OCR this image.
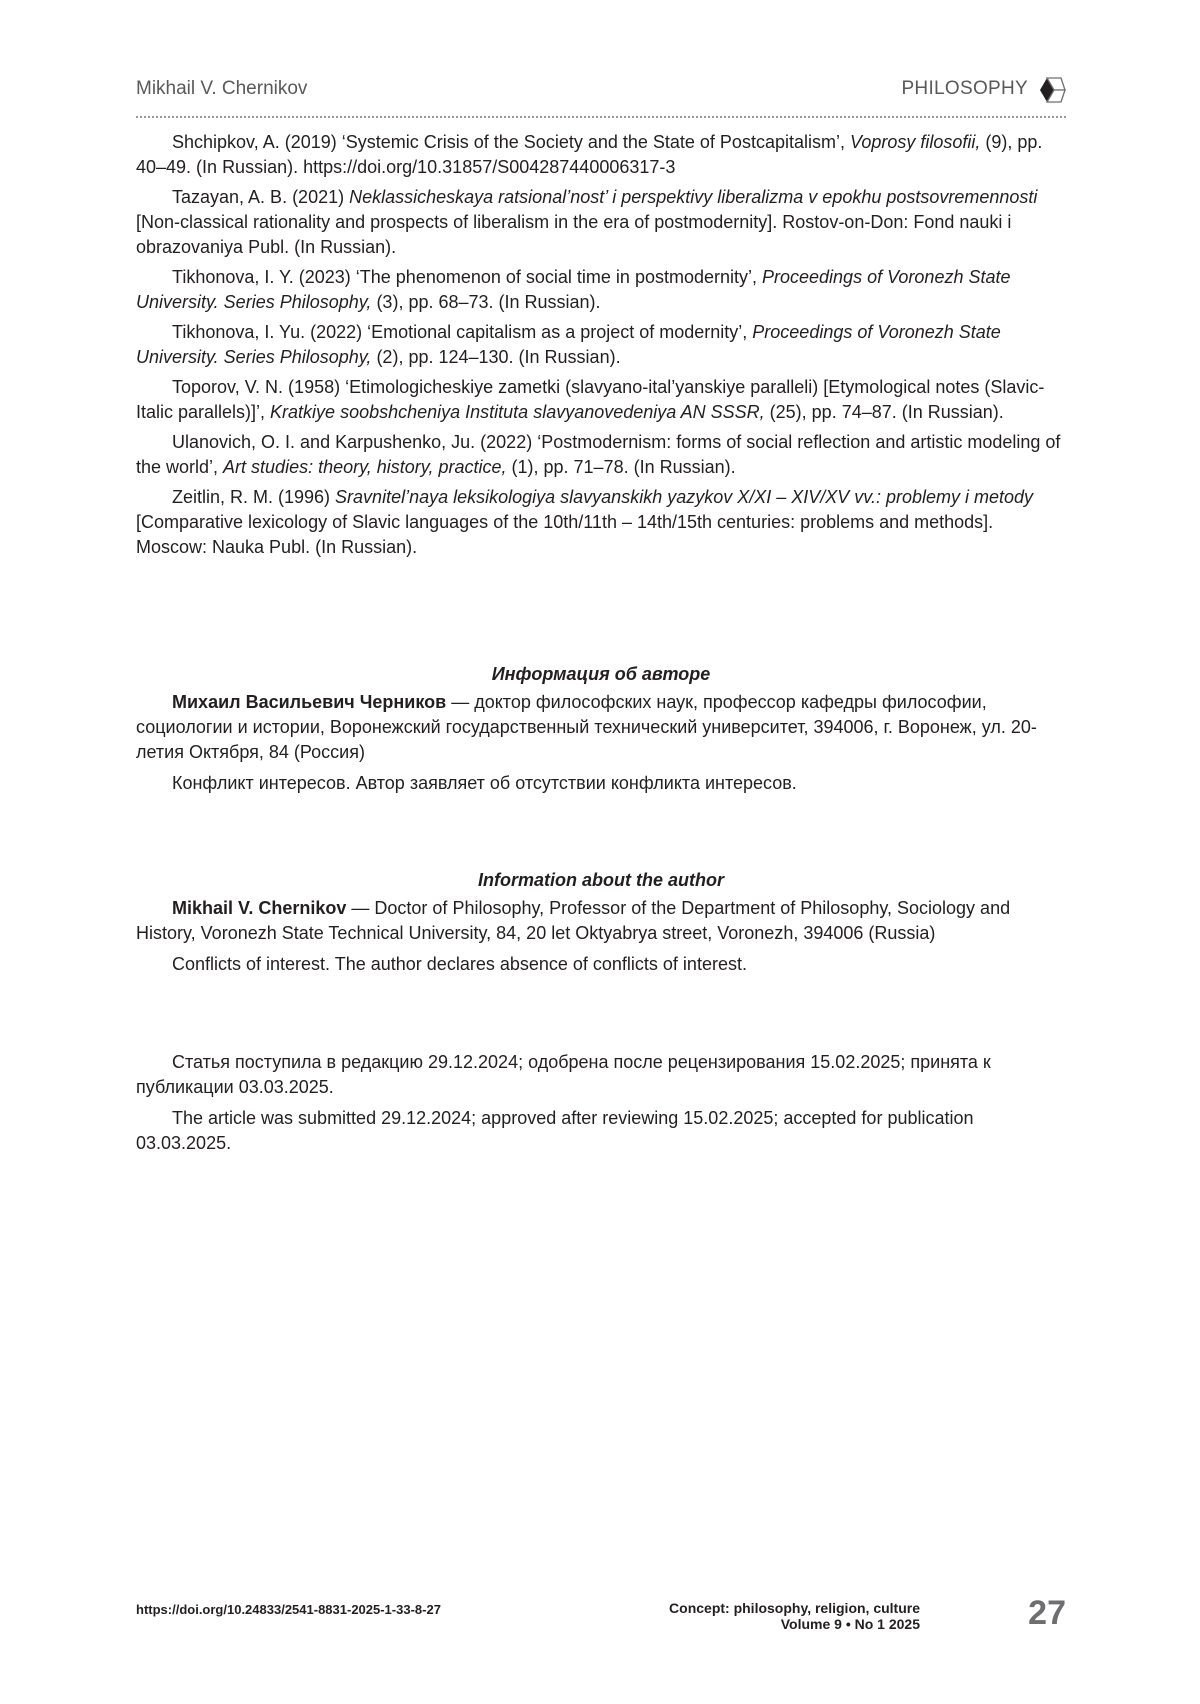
Mikhail V. Chernikov	PHILOSOPHY

Shchipkov, A. (2019) ‘Systemic Crisis of the Society and the State of Postcapitalism’, Voprosy filosofii, (9), pp. 40–49. (In Russian). https://doi.org/10.31857/S004287440006317-3

Tazayan, A. B. (2021) Neklassicheskaya ratsional’nost’ i perspektivy liberalizma v epokhu postsovremennosti [Non-classical rationality and prospects of liberalism in the era of postmodernity]. Rostov-on-Don: Fond nauki i obrazovaniya Publ. (In Russian).

Tikhonova, I. Y. (2023) ‘The phenomenon of social time in postmodernity’, Proceedings of Voronezh State University. Series Philosophy, (3), pp. 68–73. (In Russian).

Tikhonova, I. Yu. (2022) ‘Emotional capitalism as a project of modernity’, Proceedings of Voronezh State University. Series Philosophy, (2), pp. 124–130. (In Russian).

Toporov, V. N. (1958) ‘Etimologicheskiye zametki (slavyano-ital’yanskiye paralleli) [Etymological notes (Slavic-Italic parallels)]’, Kratkiye soobshcheniya Instituta slavyanovedeniya AN SSSR, (25), pp. 74–87. (In Russian).

Ulanovich, O. I. and Karpushenko, Ju. (2022) ‘Postmodernism: forms of social reflection and artistic modeling of the world’, Art studies: theory, history, practice, (1), pp. 71–78. (In Russian).

Zeitlin, R. M. (1996) Sravnitel’naya leksikologiya slavyanskikh yazykov X/XI – XIV/XV vv.: problemy i metody [Comparative lexicology of Slavic languages of the 10th/11th – 14th/15th centuries: problems and methods]. Moscow: Nauka Publ. (In Russian).

Информация об авторе

Михаил Васильевич Черников — доктор философских наук, профессор кафедры философии, социологии и истории, Воронежский государственный технический университет, 394006, г. Воронеж, ул. 20-летия Октября, 84 (Россия)

Конфликт интересов. Автор заявляет об отсутствии конфликта интересов.

Information about the author

Mikhail V. Chernikov — Doctor of Philosophy, Professor of the Department of Philosophy, Sociology and History, Voronezh State Technical University, 84, 20 let Oktyabrya street, Voronezh, 394006 (Russia)

Conflicts of interest. The author declares absence of conflicts of interest.

Статья поступила в редакцию 29.12.2024; одобрена после рецензирования 15.02.2025; принята к публикации 03.03.2025.

The article was submitted 29.12.2024; approved after reviewing 15.02.2025; accepted for publication 03.03.2025.

https://doi.org/10.24833/2541-8831-2025-1-33-8-27	Concept: philosophy, religion, culture
Volume 9 • No 1 2025	27
